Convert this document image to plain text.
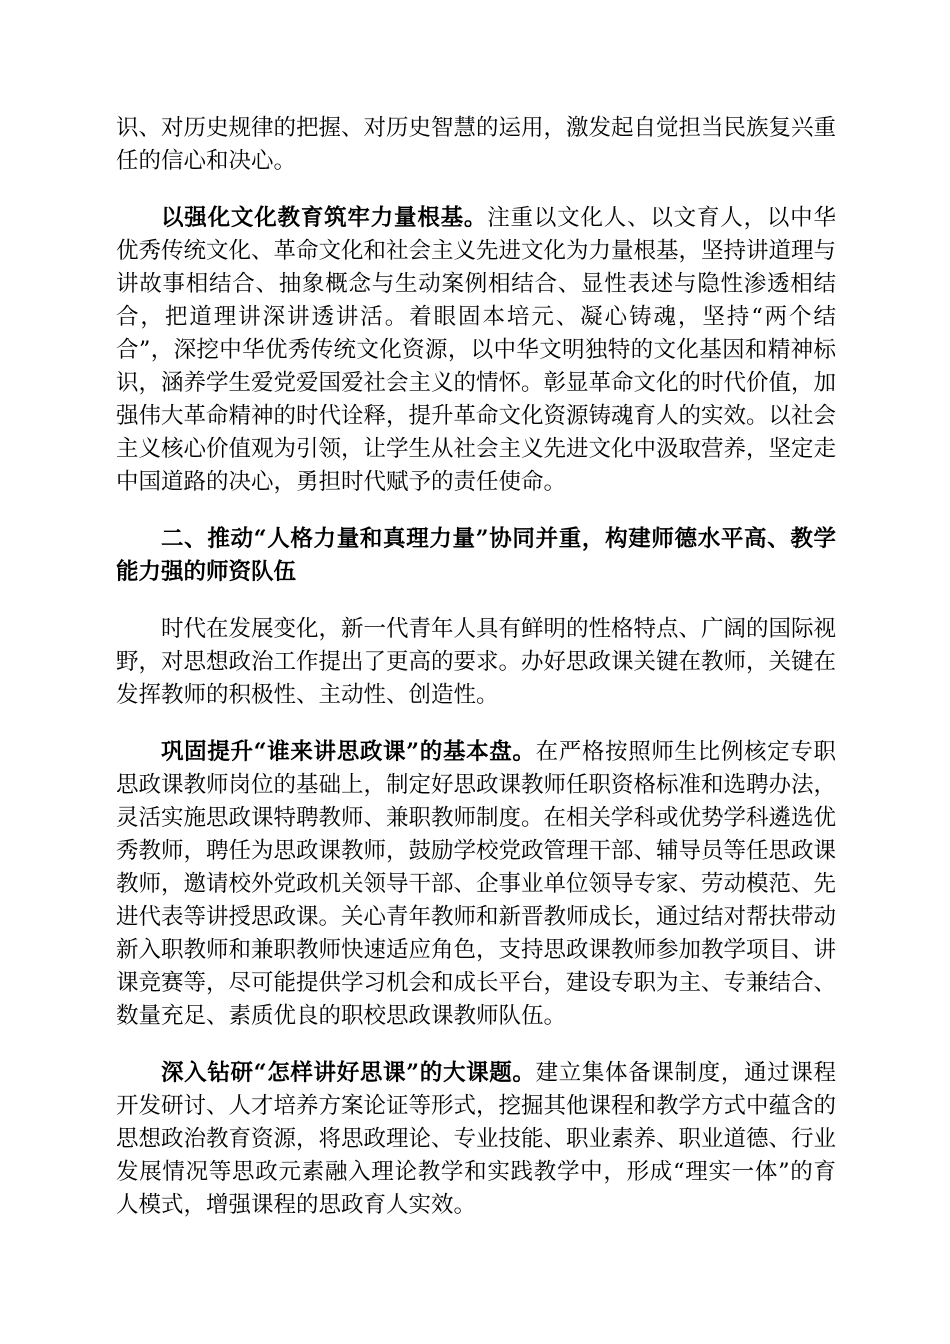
识、对历史规律的把握、对历史智慧的运用，激发起自觉担当民族复兴重任的信心和决心。

以强化文化教育筑牢力量根基。注重以文化人、以文育人，以中华优秀传统文化、革命文化和社会主义先进文化为力量根基，坚持讲道理与讲故事相结合、抽象概念与生动案例相结合、显性表述与隐性渗透相结合，把道理讲深讲透讲活。着眼固本培元、凝心铸魂，坚持“两个结合”，深挖中华优秀传统文化资源，以中华文明独特的文化基因和精神标识，涵养学生爱党爱国爱社会主义的情怀。彰显革命文化的时代价值，加强伟大革命精神的时代诠释，提升革命文化资源铸魂育人的实效。以社会主义核心价值观为引领，让学生从社会主义先进文化中汲取营养，坚定走中国道路的决心，勇担时代赋予的责任使命。

二、推动“人格力量和真理力量”协同并重，构建师德水平高、教学能力强的师资队伍

时代在发展变化，新一代青年人具有鲜明的性格特点、广阔的国际视野，对思想政治工作提出了更高的要求。办好思政课关键在教师，关键在发挥教师的积极性、主动性、创造性。

巩固提升“谁来讲思政课”的基本盘。在严格按照师生比例核定专职思政课教师岗位的基础上，制定好思政课教师任职资格标准和选聘办法，灵活实施思政课特聘教师、兼职教师制度。在相关学科或优势学科遴选优秀教师，聘任为思政课教师，鼓励学校党政管理干部、辅导员等任思政课教师，邀请校外党政机关领导干部、企事业单位领导专家、劳动模范、先进代表等讲授思政课。关心青年教师和新晋教师成长，通过结对帮扶带动新入职教师和兼职教师快速适应角色，支持思政课教师参加教学项目、讲课竞赛等，尽可能提供学习机会和成长平台，建设专职为主、专兼结合、数量充足、素质优良的职校思政课教师队伍。

深入钻研“怎样讲好思课”的大课题。建立集体备课制度，通过课程开发研讨、人才培养方案论证等形式，挖掘其他课程和教学方式中蕴含的思想政治教育资源，将思政理论、专业技能、职业素养、职业道德、行业发展情况等思政元素融入理论教学和实践教学中，形成“理实一体”的育人模式，增强课程的思政育人实效。
